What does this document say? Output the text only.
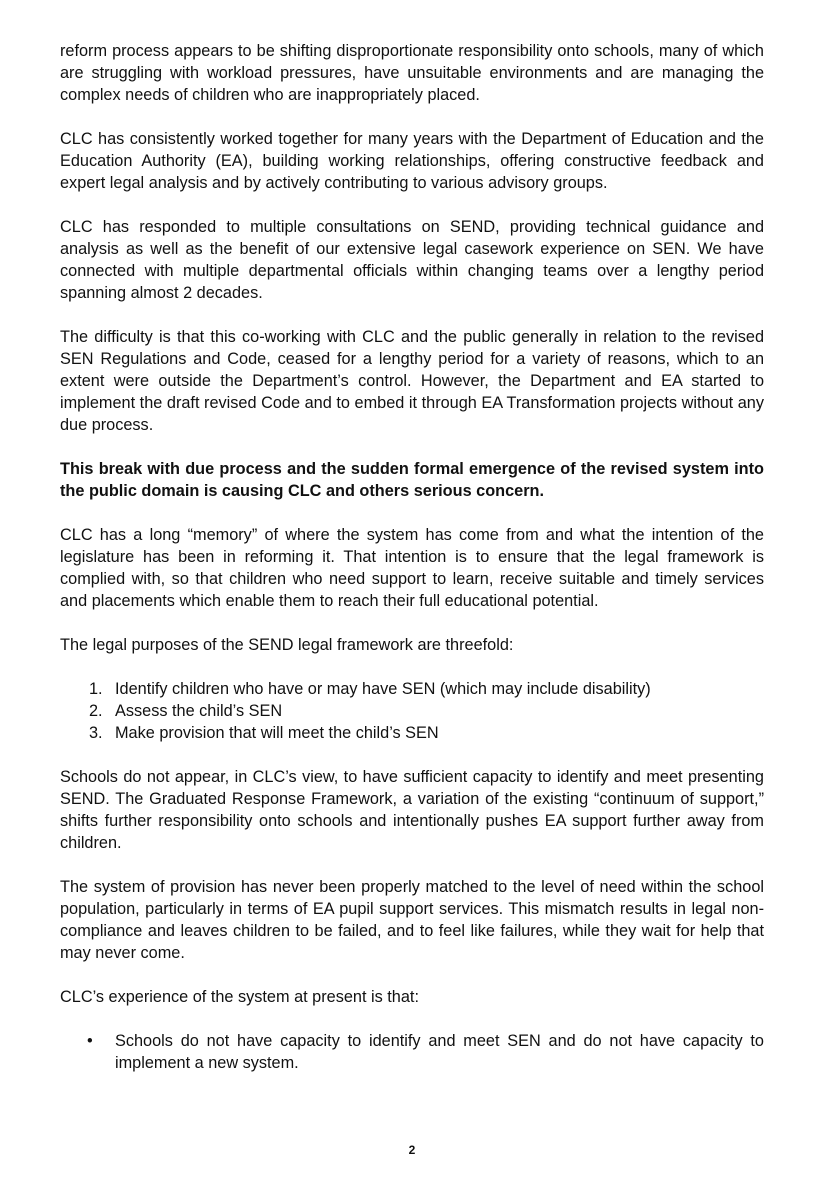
reform process appears to be shifting disproportionate responsibility onto schools, many of which are struggling with workload pressures, have unsuitable environments and are managing the complex needs of children who are inappropriately placed.

CLC has consistently worked together for many years with the Department of Education and the Education Authority (EA), building working relationships, offering constructive feedback and expert legal analysis and by actively contributing to various advisory groups.

CLC has responded to multiple consultations on SEND, providing technical guidance and analysis as well as the benefit of our extensive legal casework experience on SEN. We have connected with multiple departmental officials within changing teams over a lengthy period spanning almost 2 decades.

The difficulty is that this co-working with CLC and the public generally in relation to the revised SEN Regulations and Code, ceased for a lengthy period for a variety of reasons, which to an extent were outside the Department’s control. However, the Department and EA started to implement the draft revised Code and to embed it through EA Transformation projects without any due process.

This break with due process and the sudden formal emergence of the revised system into the public domain is causing CLC and others serious concern.

CLC has a long “memory” of where the system has come from and what the intention of the legislature has been in reforming it. That intention is to ensure that the legal framework is complied with, so that children who need support to learn, receive suitable and timely services and placements which enable them to reach their full educational potential.

The legal purposes of the SEND legal framework are threefold:

1. Identify children who have or may have SEN (which may include disability)
2. Assess the child’s SEN
3. Make provision that will meet the child’s SEN

Schools do not appear, in CLC’s view, to have sufficient capacity to identify and meet presenting SEND. The Graduated Response Framework, a variation of the existing “continuum of support,” shifts further responsibility onto schools and intentionally pushes EA support further away from children.

The system of provision has never been properly matched to the level of need within the school population, particularly in terms of EA pupil support services. This mismatch results in legal non-compliance and leaves children to be failed, and to feel like failures, while they wait for help that may never come.

CLC’s experience of the system at present is that:

• Schools do not have capacity to identify and meet SEN and do not have capacity to implement a new system.
2
